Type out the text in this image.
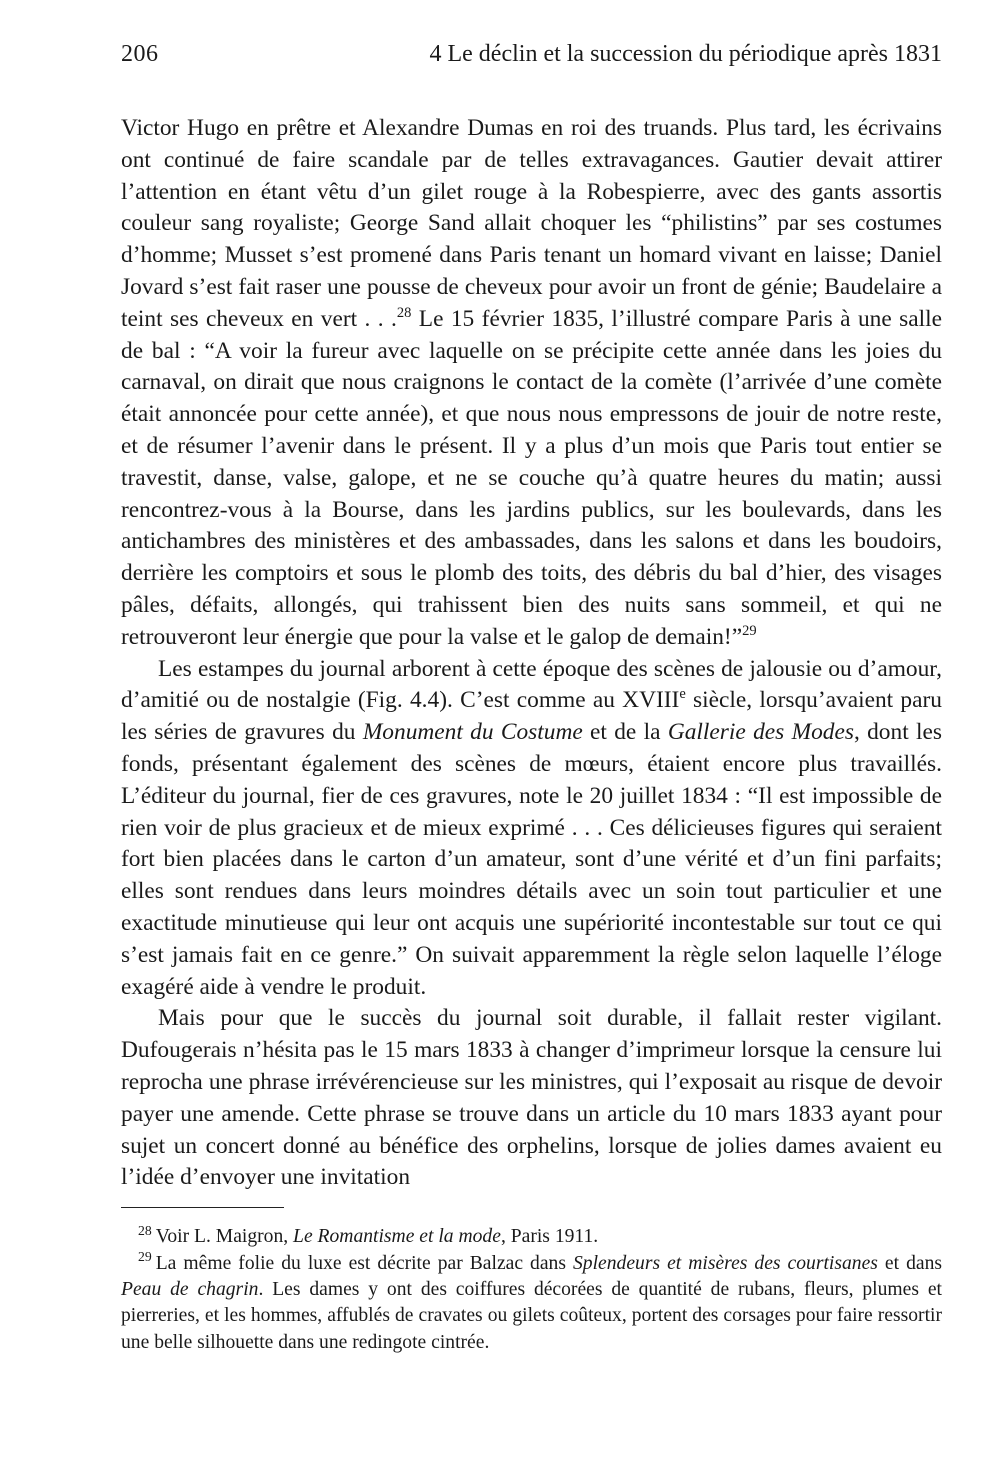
206	4 Le déclin et la succession du périodique après 1831

Victor Hugo en prêtre et Alexandre Dumas en roi des truands. Plus tard, les écrivains ont continué de faire scandale par de telles extravagances. Gautier devait attirer l’attention en étant vêtu d’un gilet rouge à la Robespierre, avec des gants assortis couleur sang royaliste; George Sand allait choquer les “philistins” par ses costumes d’homme; Musset s’est promené dans Paris tenant un homard vivant en laisse; Daniel Jovard s’est fait raser une pousse de cheveux pour avoir un front de génie; Baudelaire a teint ses cheveux en vert . . .$^{28}$ Le 15 février 1835, l’illustré compare Paris à une salle de bal : “A voir la fureur avec laquelle on se précipite cette année dans les joies du carnaval, on dirait que nous craignons le contact de la comète (l’arrivée d’une comète était annoncée pour cette année), et que nous nous empressons de jouir de notre reste, et de résumer l’avenir dans le présent. Il y a plus d’un mois que Paris tout entier se travestit, danse, valse, galope, et ne se couche qu’à quatre heures du matin; aussi rencontrez-vous à la Bourse, dans les jardins publics, sur les boulevards, dans les antichambres des ministères et des ambassades, dans les salons et dans les boudoirs, derrière les comptoirs et sous le plomb des toits, des débris du bal d’hier, des visages pâles, défaits, allongés, qui trahissent bien des nuits sans sommeil, et qui ne retrouveront leur énergie que pour la valse et le galop de demain!”$^{29}$

Les estampes du journal arborent à cette époque des scènes de jalousie ou d’amour, d’amitié ou de nostalgie (Fig. 4.4). C’est comme au XVIIIe siècle, lorsqu’avaient paru les séries de gravures du Monument du Costume et de la Gallerie des Modes, dont les fonds, présentant également des scènes de mœurs, étaient encore plus travaillés. L’éditeur du journal, fier de ces gravures, note le 20 juillet 1834 : “Il est impossible de rien voir de plus gracieux et de mieux exprimé . . . Ces délicieuses figures qui seraient fort bien placées dans le carton d’un amateur, sont d’une vérité et d’un fini parfaits; elles sont rendues dans leurs moindres détails avec un soin tout particulier et une exactitude minutieuse qui leur ont acquis une supériorité incontestable sur tout ce qui s’est jamais fait en ce genre.” On suivait apparemment la règle selon laquelle l’éloge exagéré aide à vendre le produit.

Mais pour que le succès du journal soit durable, il fallait rester vigilant. Dufougerais n’hésita pas le 15 mars 1833 à changer d’imprimeur lorsque la censure lui reprocha une phrase irrévérencieuse sur les ministres, qui l’exposait au risque de devoir payer une amende. Cette phrase se trouve dans un article du 10 mars 1833 ayant pour sujet un concert donné au bénéfice des orphelins, lorsque de jolies dames avaient eu l’idée d’envoyer une invitation

$^{28}$ Voir L. Maigron, Le Romantisme et la mode, Paris 1911.

$^{29}$ La même folie du luxe est décrite par Balzac dans Splendeurs et misères des courtisanes et dans Peau de chagrin. Les dames y ont des coiffures décorées de quantité de rubans, fleurs, plumes et pierreries, et les hommes, affublés de cravates ou gilets coûteux, portent des corsages pour faire ressortir une belle silhouette dans une redingote cintrée.
